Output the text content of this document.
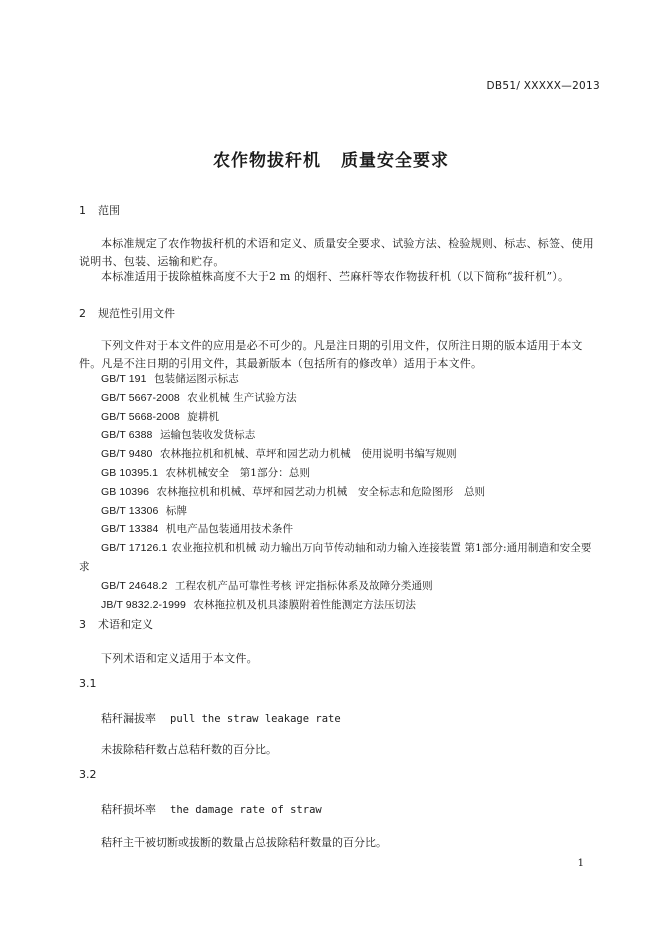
DB51/ XXXXX—2013
农作物拔秆机 质量安全要求
1 范围

本标准规定了农作物拔秆机的术语和定义、质量安全要求、试验方法、检验规则、标志、标签、使用说明书、包装、运输和贮存。

本标准适用于拔除植株高度不大于2 m 的烟秆、苎麻杆等农作物拔秆机（以下简称“拔秆机”）。

2 规范性引用文件

下列文件对于本文件的应用是必不可少的。凡是注日期的引用文件，仅所注日期的版本适用于本文件。凡是不注日期的引用文件，其最新版本（包括所有的修改单）适用于本文件。

GB/T 191 包装储运图示标志
GB/T 5667-2008 农业机械 生产试验方法
GB/T 5668-2008 旋耕机
GB/T 6388 运输包装收发货标志
GB/T 9480 农林拖拉机和机械、草坪和园艺动力机械　使用说明书编写规则
GB 10395.1 农林机械安全　第1部分：总则
GB 10396 农林拖拉机和机械、草坪和园艺动力机械　安全标志和危险图形　总则
GB/T 13306 标牌
GB/T 13384 机电产品包装通用技术条件
GB/T 17126.1 农业拖拉机和机械 动力输出万向节传动轴和动力输入连接装置 第1部分:通用制造和安全要求
GB/T 24648.2 工程农机产品可靠性考核 评定指标体系及故障分类通则
JB/T 9832.2-1999 农林拖拉机及机具漆膜附着性能测定方法压切法
3 术语和定义

下列术语和定义适用于本文件。

3.1
秸秆漏拔率 pull the straw leakage rate

未拔除秸秆数占总秸秆数的百分比。

3.2
秸秆损坏率 the damage rate of straw

秸秆主干被切断或拔断的数量占总拔除秸秆数量的百分比。

1
